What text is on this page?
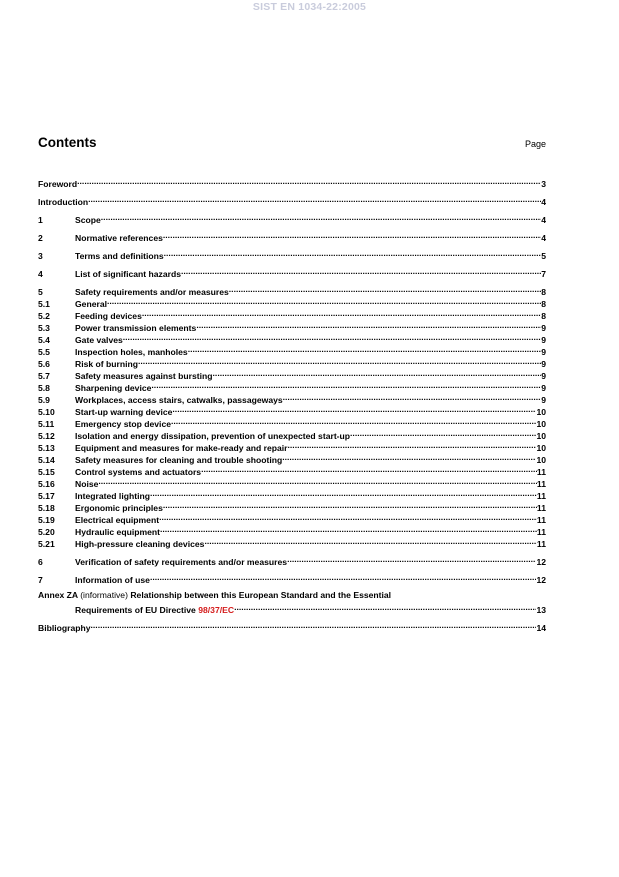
SIST EN 1034-22:2005
Contents	Page
Foreword .....	3
Introduction .....	4
1	Scope .....	4
2	Normative references .....	4
3	Terms and definitions .....	5
4	List of significant hazards .....	7
5	Safety requirements and/or measures .....	8
5.1	General .....	8
5.2	Feeding devices .....	8
5.3	Power transmission elements .....	9
5.4	Gate valves .....	9
5.5	Inspection holes, manholes .....	9
5.6	Risk of burning .....	9
5.7	Safety measures against bursting .....	9
5.8	Sharpening device .....	9
5.9	Workplaces, access stairs, catwalks, passageways .....	9
5.10	Start-up warning device .....	10
5.11	Emergency stop device .....	10
5.12	Isolation and energy dissipation, prevention of unexpected start-up .....	10
5.13	Equipment and measures for make-ready and repair .....	10
5.14	Safety measures for cleaning and trouble shooting .....	10
5.15	Control systems and actuators .....	11
5.16	Noise .....	11
5.17	Integrated lighting .....	11
5.18	Ergonomic principles .....	11
5.19	Electrical equipment .....	11
5.20	Hydraulic equipment .....	11
5.21	High-pressure cleaning devices .....	11
6	Verification of safety requirements and/or measures .....	12
7	Information of use .....	12
Annex ZA (informative) Relationship between this European Standard and the Essential
Requirements of EU Directive
98/37/EC .....	13
Bibliography .....	14
